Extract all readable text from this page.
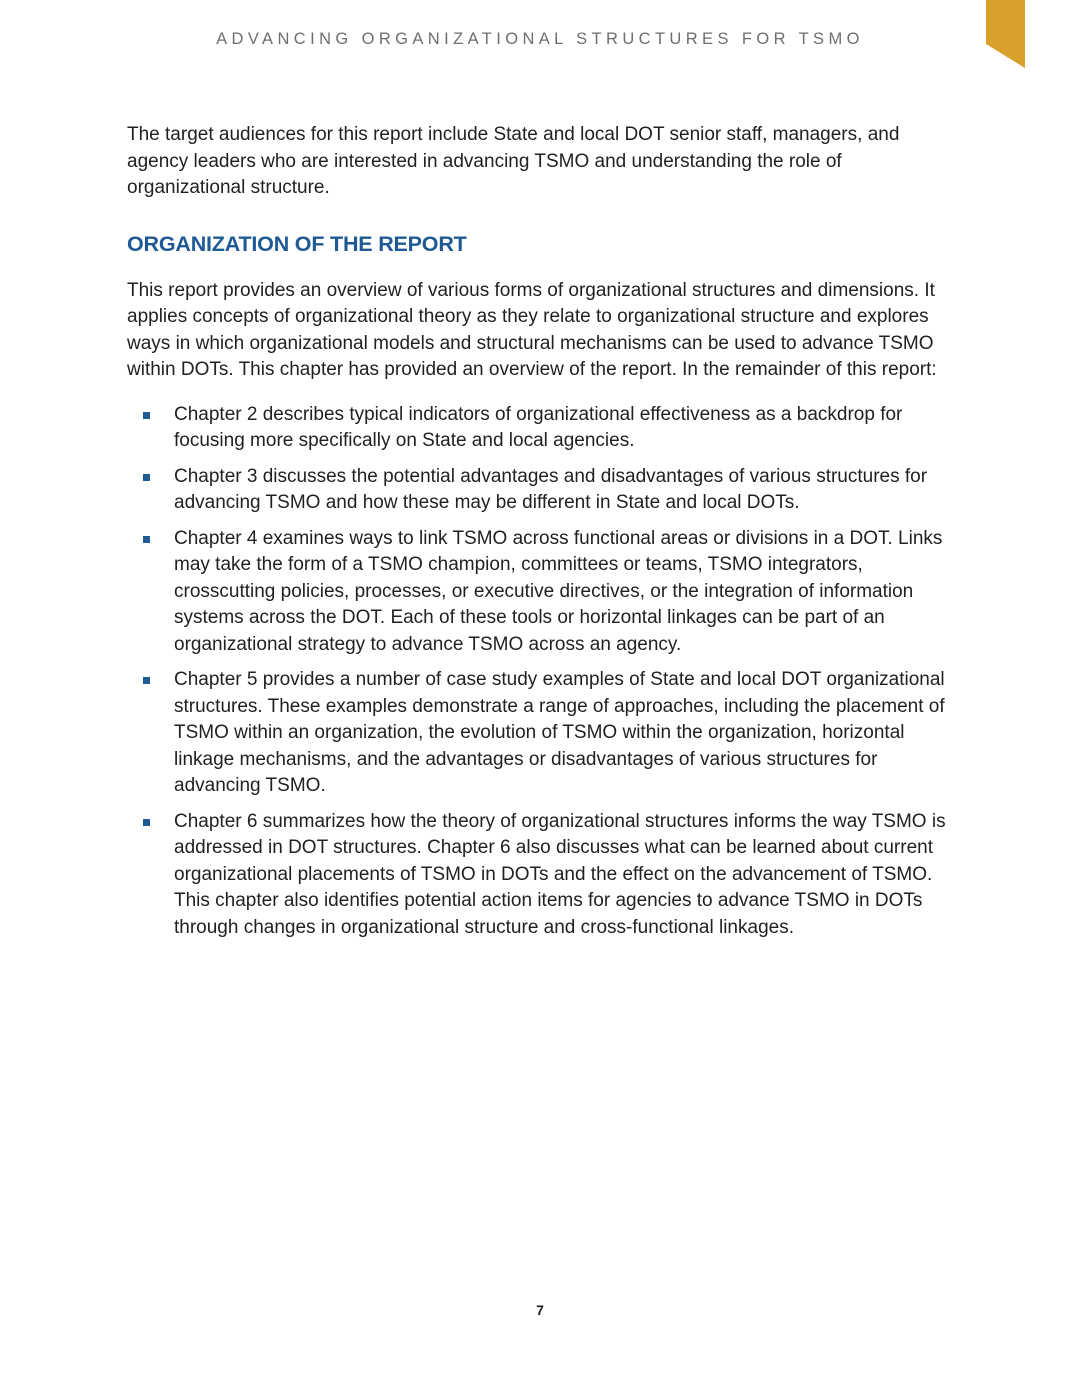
ADVANCING ORGANIZATIONAL STRUCTURES FOR TSMO

The target audiences for this report include State and local DOT senior staff, managers, and agency leaders who are interested in advancing TSMO and understanding the role of organizational structure.

ORGANIZATION OF THE REPORT

This report provides an overview of various forms of organizational structures and dimensions. It applies concepts of organizational theory as they relate to organizational structure and explores ways in which organizational models and structural mechanisms can be used to advance TSMO within DOTs. This chapter has provided an overview of the report. In the remainder of this report:

Chapter 2 describes typical indicators of organizational effectiveness as a backdrop for focusing more specifically on State and local agencies.
Chapter 3 discusses the potential advantages and disadvantages of various structures for advancing TSMO and how these may be different in State and local DOTs.
Chapter 4 examines ways to link TSMO across functional areas or divisions in a DOT. Links may take the form of a TSMO champion, committees or teams, TSMO integrators, crosscutting policies, processes, or executive directives, or the integration of information systems across the DOT. Each of these tools or horizontal linkages can be part of an organizational strategy to advance TSMO across an agency.
Chapter 5 provides a number of case study examples of State and local DOT organizational structures. These examples demonstrate a range of approaches, including the placement of TSMO within an organization, the evolution of TSMO within the organization, horizontal linkage mechanisms, and the advantages or disadvantages of various structures for advancing TSMO.
Chapter 6 summarizes how the theory of organizational structures informs the way TSMO is addressed in DOT structures. Chapter 6 also discusses what can be learned about current organizational placements of TSMO in DOTs and the effect on the advancement of TSMO. This chapter also identifies potential action items for agencies to advance TSMO in DOTs through changes in organizational structure and cross-functional linkages.
7
